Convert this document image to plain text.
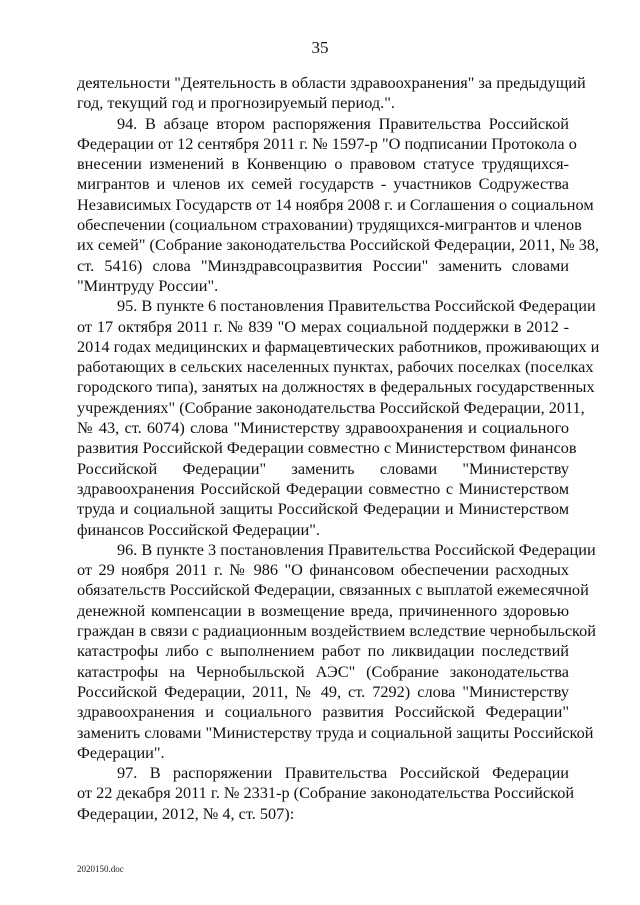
35
деятельности "Деятельность в области здравоохранения" за предыдущий
год, текущий год и прогнозируемый период.".
94. В абзаце втором распоряжения Правительства Российской
Федерации от 12 сентября 2011 г. № 1597-р "О подписании Протокола о
внесении изменений в Конвенцию о правовом статусе трудящихся-
мигрантов и членов их семей государств - участников Содружества
Независимых Государств от 14 ноября 2008 г. и Соглашения о социальном
обеспечении (социальном страховании) трудящихся-мигрантов и членов
их семей" (Собрание законодательства Российской Федерации, 2011, № 38,
ст. 5416) слова "Минздравсоцразвития России" заменить словами
"Минтруду России".
95. В пункте 6 постановления Правительства Российской Федерации
от 17 октября 2011 г. № 839 "О мерах социальной поддержки в 2012 -
2014 годах медицинских и фармацевтических работников, проживающих и
работающих в сельских населенных пунктах, рабочих поселках (поселках
городского типа), занятых на должностях в федеральных государственных
учреждениях" (Собрание законодательства Российской Федерации, 2011,
№ 43, ст. 6074) слова "Министерству здравоохранения и социального
развития Российской Федерации совместно с Министерством финансов
Российской Федерации" заменить словами "Министерству
здравоохранения Российской Федерации совместно с Министерством
труда и социальной защиты Российской Федерации и Министерством
финансов Российской Федерации".
96. В пункте 3 постановления Правительства Российской Федерации
от 29 ноября 2011 г. № 986 "О финансовом обеспечении расходных
обязательств Российской Федерации, связанных с выплатой ежемесячной
денежной компенсации в возмещение вреда, причиненного здоровью
граждан в связи с радиационным воздействием вследствие чернобыльской
катастрофы либо с выполнением работ по ликвидации последствий
катастрофы на Чернобыльской АЭС" (Собрание законодательства
Российской Федерации, 2011, № 49, ст. 7292) слова "Министерству
здравоохранения и социального развития Российской Федерации"
заменить словами "Министерству труда и социальной защиты Российской
Федерации".
97. В распоряжении Правительства Российской Федерации
от 22 декабря 2011 г. № 2331-р (Собрание законодательства Российской
Федерации, 2012, № 4, ст. 507):
2020150.doc
